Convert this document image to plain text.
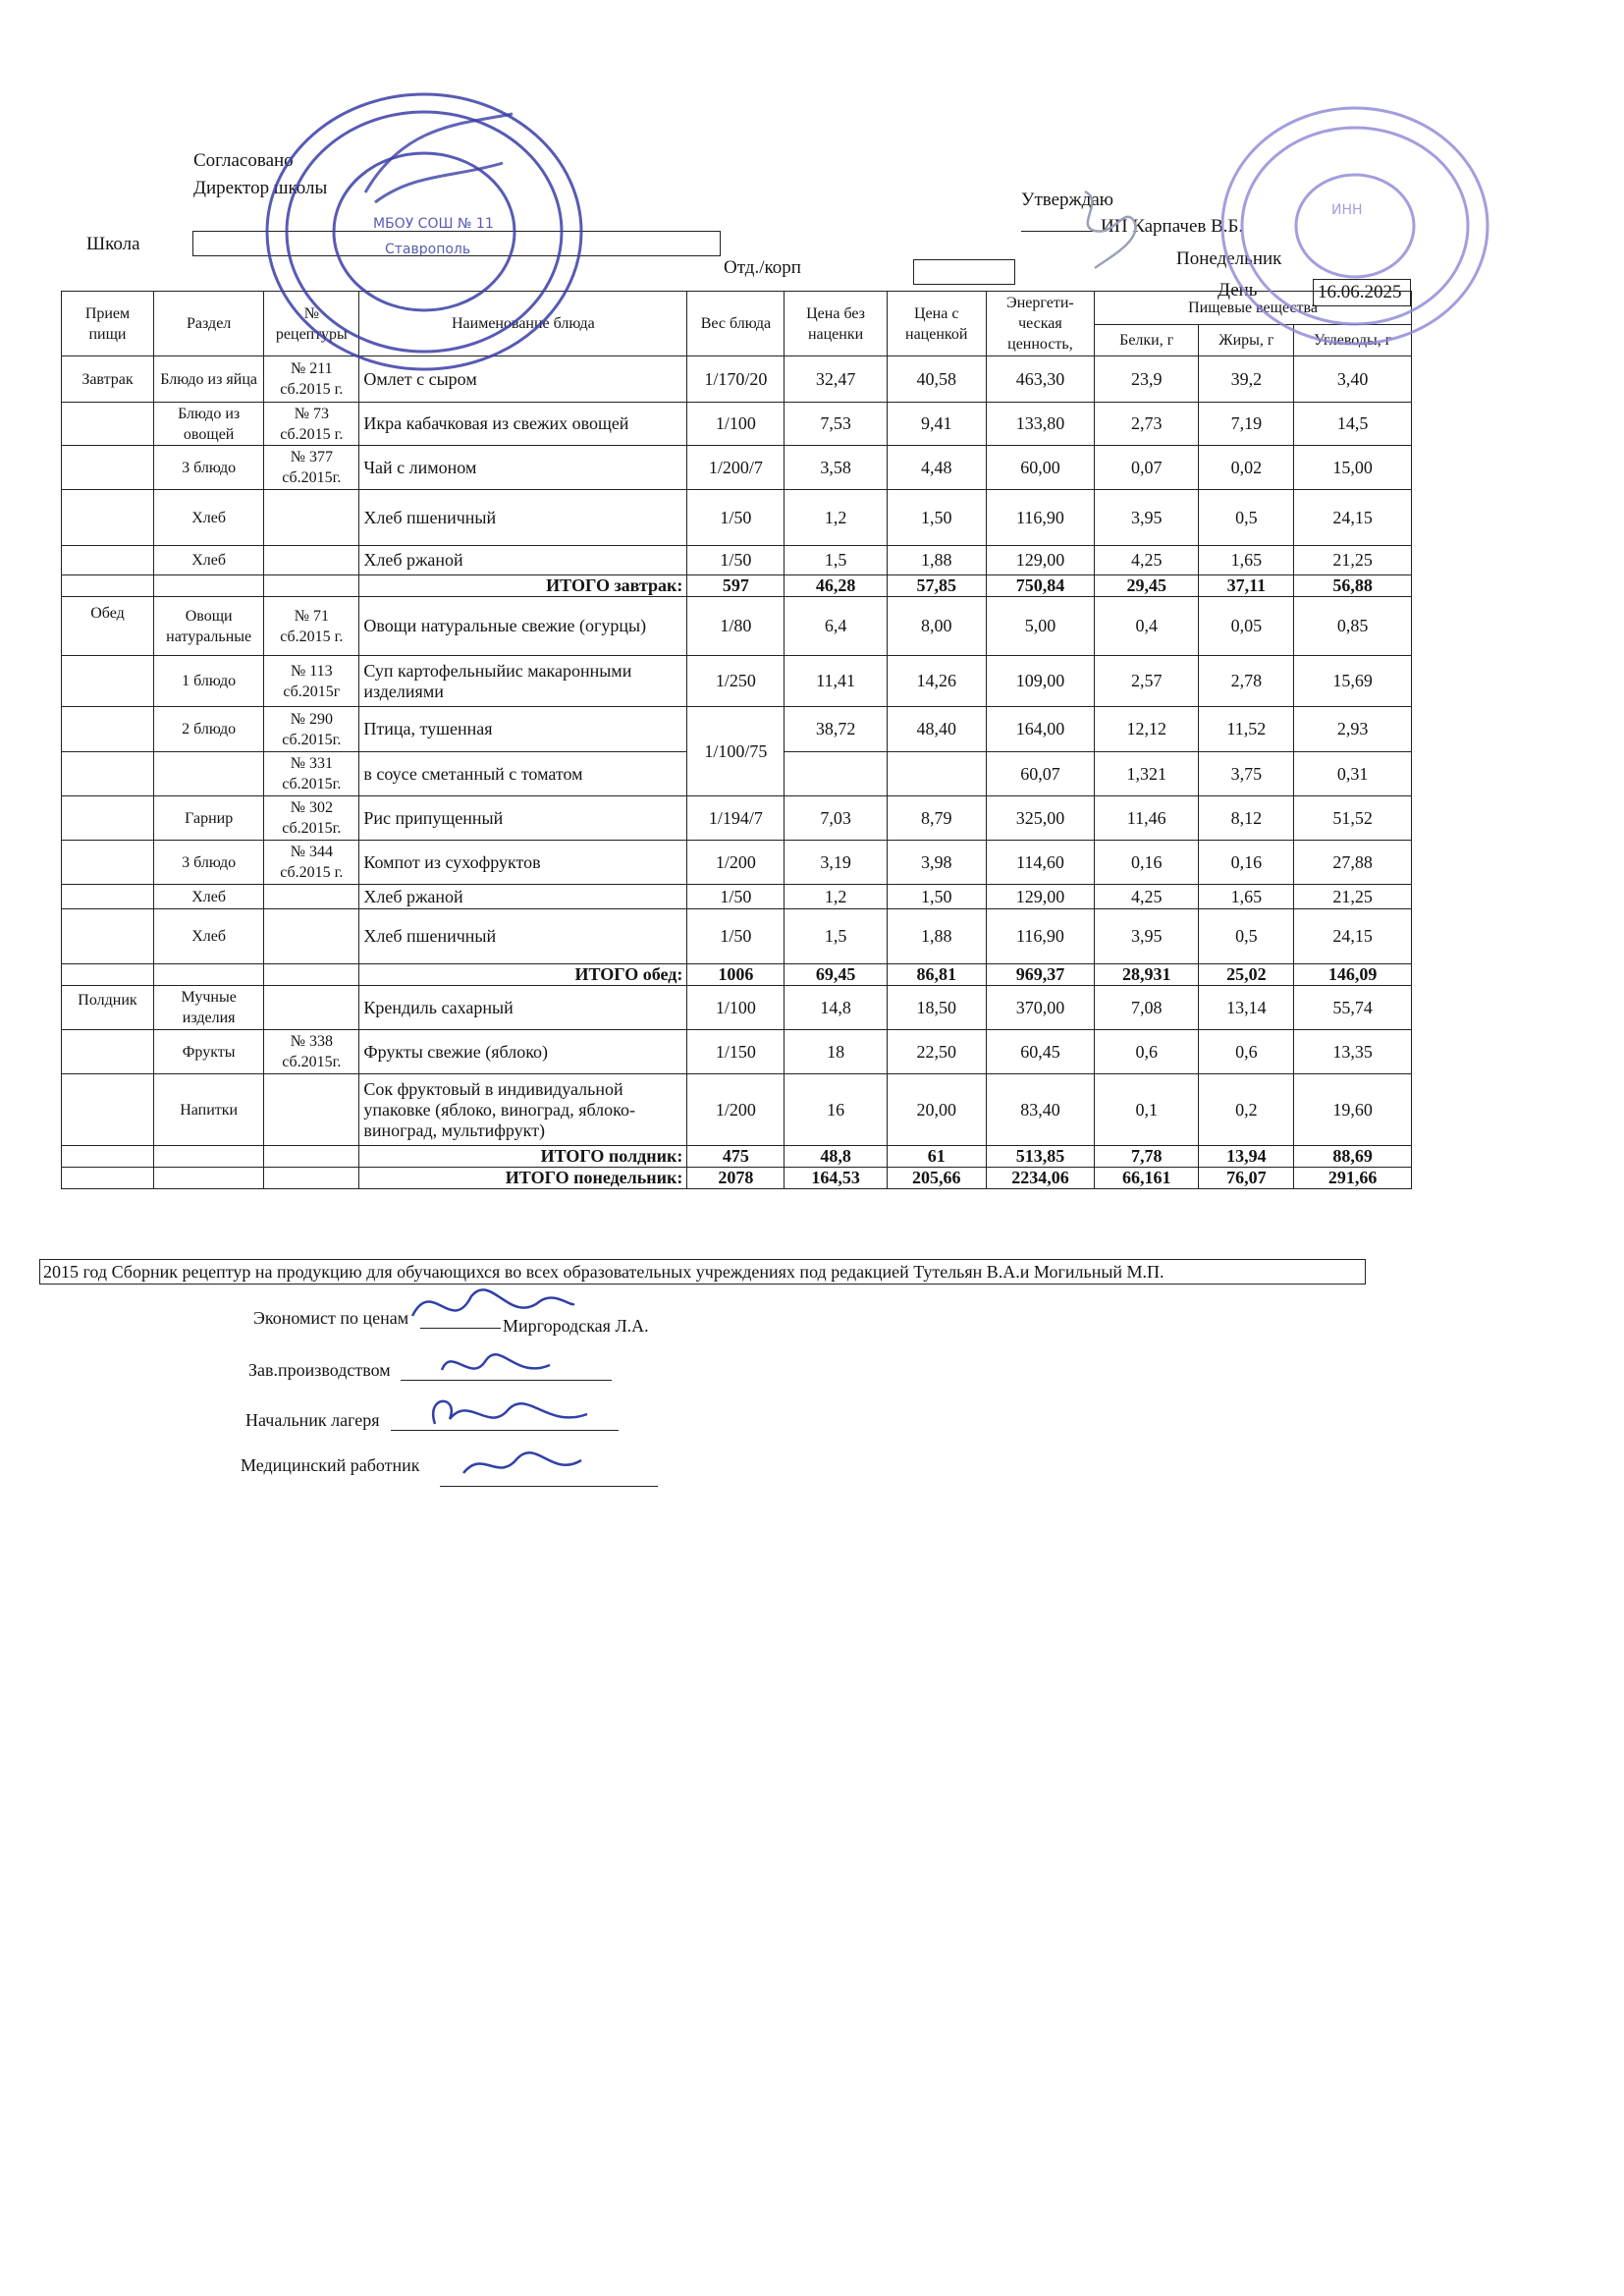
Согласовано
Директор школы
Школа
Отд./корп
Утверждаю
ИП Карпачев В.Б.
Понедельник
День	16.06.2025
Прием пищи	Раздел	№ рецептуры	Наименование блюда	Вес блюда	Цена без наценки	Цена с наценкой	Энергети-ческая ценность,	Пищевые вещества		
								Белки, г	Жиры, г	Углеводы, г
Завтрак	Блюдо из яйца	№ 211 сб.2015 г.	Омлет с сыром	1/170/20	32,47	40,58	463,30	23,9	39,2	3,40
	Блюдо из овощей	№ 73 сб.2015 г.	Икра кабачковая из свежих овощей	1/100	7,53	9,41	133,80	2,73	7,19	14,5
	3 блюдо	№ 377 сб.2015г.	Чай с лимоном	1/200/7	3,58	4,48	60,00	0,07	0,02	15,00
	Хлеб		Хлеб пшеничный	1/50	1,2	1,50	116,90	3,95	0,5	24,15
	Хлеб		Хлеб ржаной	1/50	1,5	1,88	129,00	4,25	1,65	21,25
			ИТОГО завтрак:	597	46,28	57,85	750,84	29,45	37,11	56,88
Обед	Овощи натуральные	№ 71 сб.2015 г.	Овощи натуральные свежие (огурцы)	1/80	6,4	8,00	5,00	0,4	0,05	0,85
	1 блюдо	№ 113 сб.2015г	Суп картофельныйис макаронными изделиями	1/250	11,41	14,26	109,00	2,57	2,78	15,69
	2 блюдо	№ 290 сб.2015г.	Птица, тушенная	1/100/75	38,72	48,40	164,00	12,12	11,52	2,93
		№ 331 сб.2015г.	в соусе сметанный с томатом				60,07	1,321	3,75	0,31
	Гарнир	№ 302 сб.2015г.	Рис припущенный	1/194/7	7,03	8,79	325,00	11,46	8,12	51,52
	3 блюдо	№ 344 сб.2015 г.	Компот из сухофруктов	1/200	3,19	3,98	114,60	0,16	0,16	27,88
	Хлеб		Хлеб ржаной	1/50	1,2	1,50	129,00	4,25	1,65	21,25
	Хлеб		Хлеб пшеничный	1/50	1,5	1,88	116,90	3,95	0,5	24,15
			ИТОГО обед:	1006	69,45	86,81	969,37	28,931	25,02	146,09
Полдник	Мучные изделия		Крендиль сахарный	1/100	14,8	18,50	370,00	7,08	13,14	55,74
	Фрукты	№ 338 сб.2015г.	Фрукты свежие (яблоко)	1/150	18	22,50	60,45	0,6	0,6	13,35
	Напитки		Сок фруктовый в индивидуальной упаковке (яблоко, виноград, яблоко-виноград, мультифрукт)	1/200	16	20,00	83,40	0,1	0,2	19,60
			ИТОГО полдник:	475	48,8	61	513,85	7,78	13,94	88,69
			ИТОГО понедельник:	2078	164,53	205,66	2234,06	66,161	76,07	291,66
2015 год Сборник рецептур на продукцию для обучающихся во всех образовательных учреждениях под редакцией Тутельян В.А.и Могильный М.П.
Экономист по ценам	Миргородская Л.А.
Зав.производством
Начальник лагеря
Медицинский работник
МБОУ СОШ № 11
Ставрополь
ИНН
